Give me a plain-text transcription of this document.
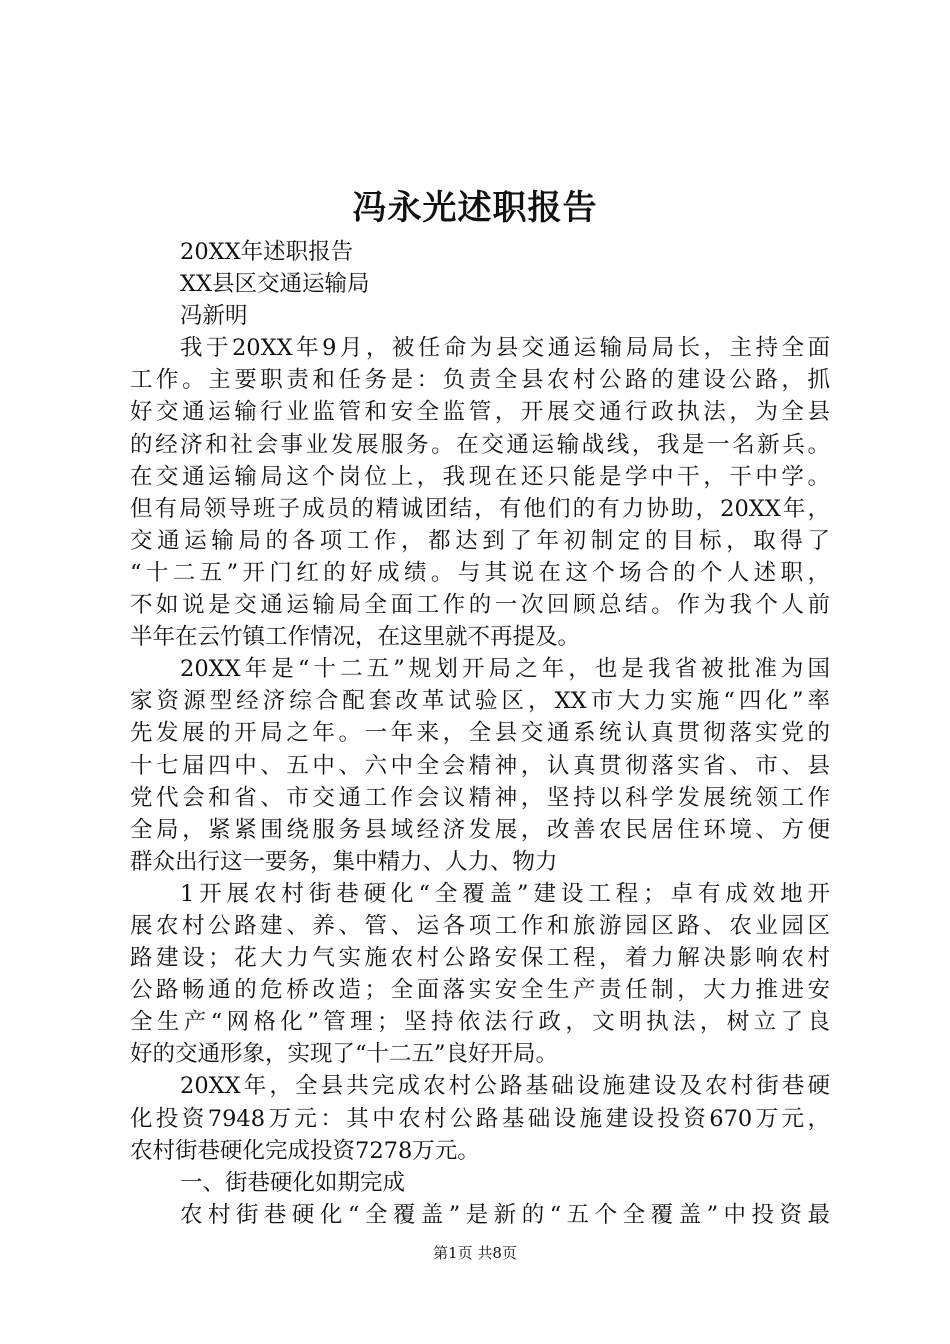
冯永光述职报告
20XX年述职报告
XX县区交通运输局
冯新明
我于20XX年9月，被任命为县交通运输局局长，主持全面
工作。主要职责和任务是：负责全县农村公路的建设公路，抓
好交通运输行业监管和安全监管，开展交通行政执法，为全县
的经济和社会事业发展服务。在交通运输战线，我是一名新兵。
在交通运输局这个岗位上，我现在还只能是学中干，干中学。
但有局领导班子成员的精诚团结，有他们的有力协助，20XX年，
交通运输局的各项工作，都达到了年初制定的目标，取得了
“十二五”开门红的好成绩。与其说在这个场合的个人述职，
不如说是交通运输局全面工作的一次回顾总结。作为我个人前
半年在云竹镇工作情况，在这里就不再提及。
20XX年是“十二五”规划开局之年，也是我省被批准为国
家资源型经济综合配套改革试验区，XX市大力实施“四化”率
先发展的开局之年。一年来，全县交通系统认真贯彻落实党的
十七届四中、五中、六中全会精神，认真贯彻落实省、市、县
党代会和省、市交通工作会议精神，坚持以科学发展统领工作
全局，紧紧围绕服务县域经济发展，改善农民居住环境、方便
群众出行这一要务，集中精力、人力、物力
1开展农村街巷硬化“全覆盖”建设工程；卓有成效地开
展农村公路建、养、管、运各项工作和旅游园区路、农业园区
路建设；花大力气实施农村公路安保工程，着力解决影响农村
公路畅通的危桥改造；全面落实安全生产责任制，大力推进安
全生产“网格化”管理；坚持依法行政，文明执法，树立了良
好的交通形象，实现了“十二五”良好开局。
20XX年，全县共完成农村公路基础设施建设及农村街巷硬
化投资7948万元：其中农村公路基础设施建设投资670万元，
农村街巷硬化完成投资7278万元。
一、街巷硬化如期完成
农村街巷硬化“全覆盖”是新的“五个全覆盖”中投资最
第1页 共8页
